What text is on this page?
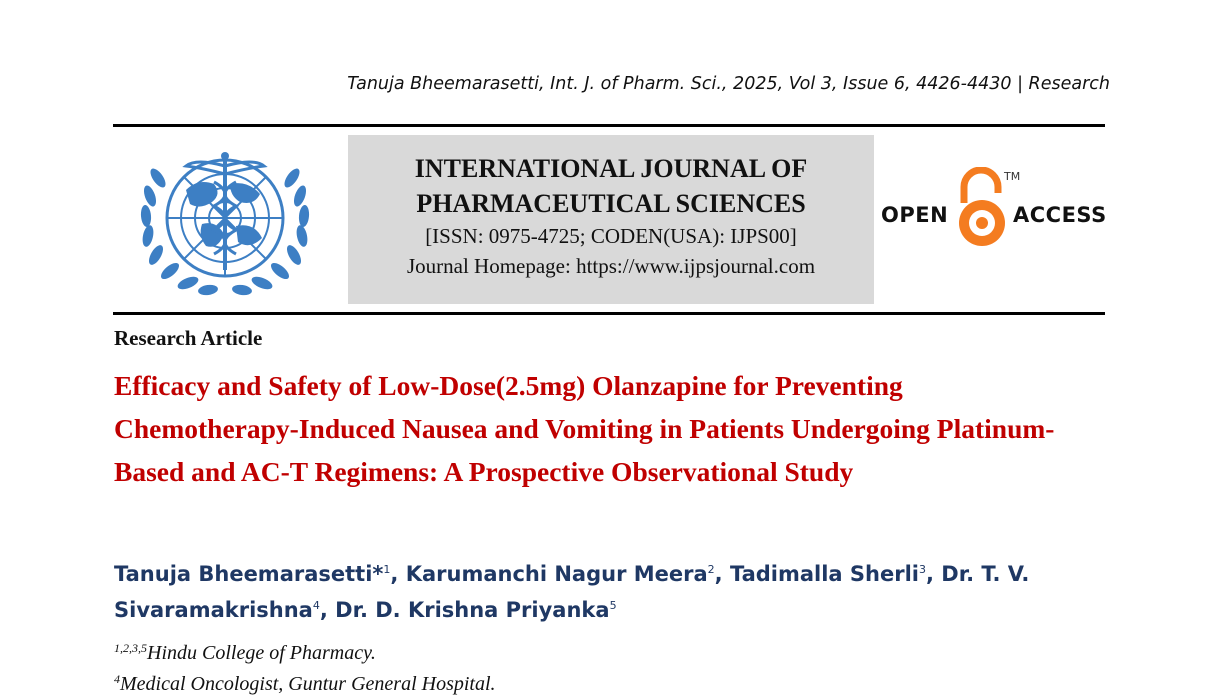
Tanuja Bheemarasetti, Int. J. of Pharm. Sci., 2025, Vol 3, Issue 6, 4426-4430 | Research
INTERNATIONAL JOURNAL OF
PHARMACEUTICAL SCIENCES
[ISSN: 0975-4725; CODEN(USA): IJPS00]
Journal Homepage: https://www.ijpsjournal.com
OPEN
TM
ACCESS
Research Article
Efficacy and Safety of Low-Dose(2.5mg) Olanzapine for Preventing Chemotherapy-Induced Nausea and Vomiting in Patients Undergoing Platinum-Based and AC-T Regimens: A Prospective Observational Study
Tanuja Bheemarasetti*$^1$, Karumanchi Nagur Meera$^2$, Tadimalla Sherli$^3$, Dr. T. V. Sivaramakrishna$^4$, Dr. D. Krishna Priyanka$^5$
$^{1,2,3,5}$Hindu College of Pharmacy.
$^4$Medical Oncologist, Guntur General Hospital.
